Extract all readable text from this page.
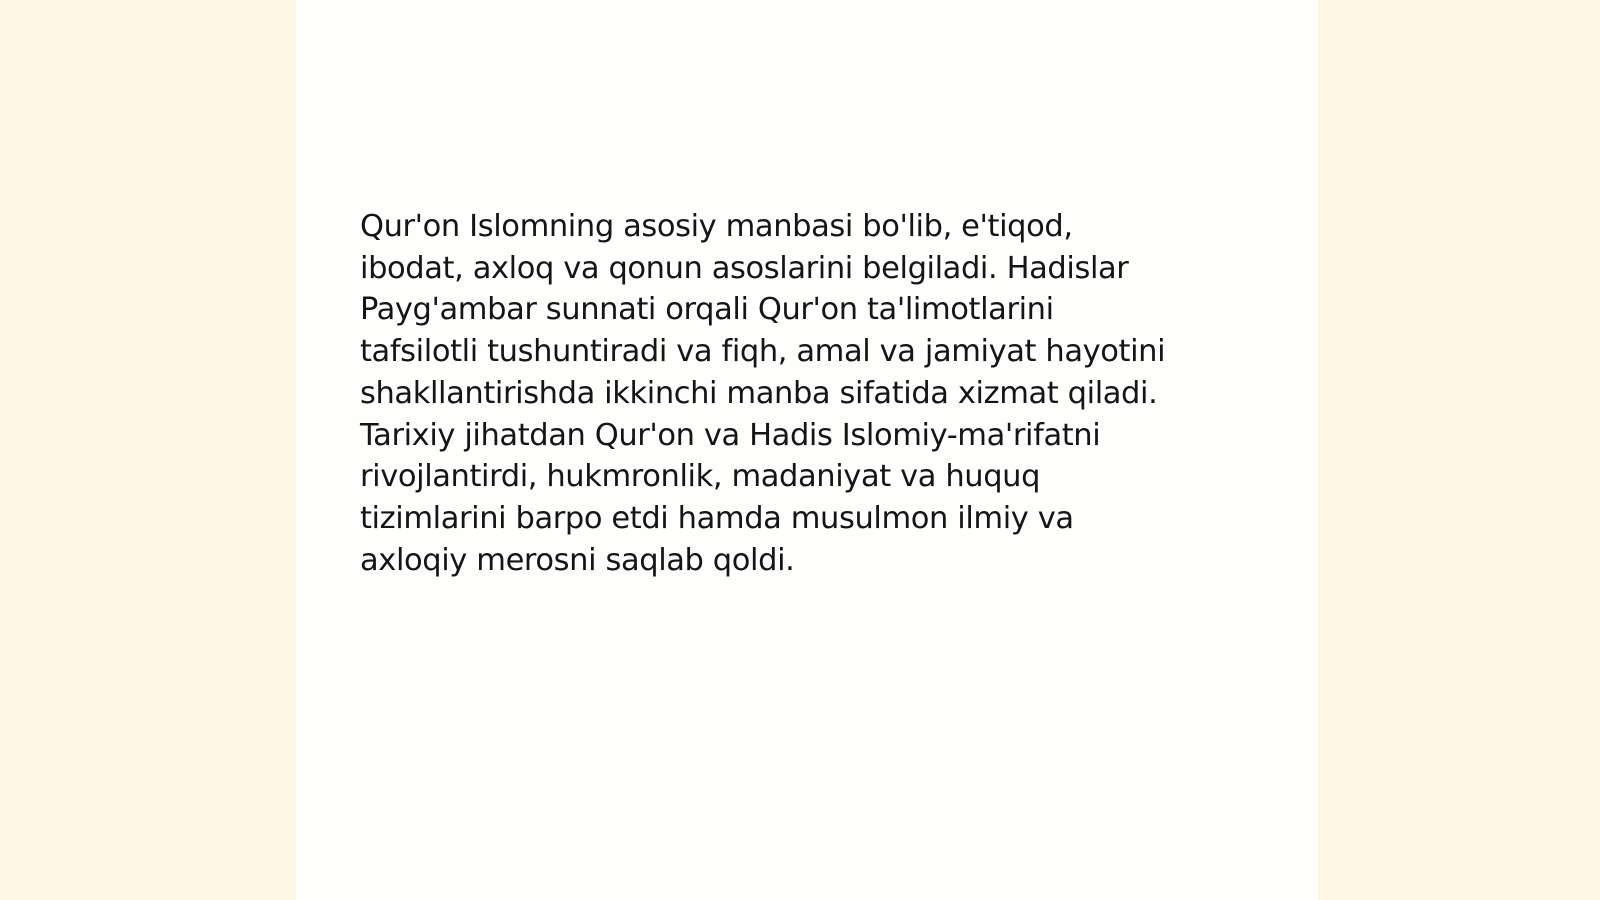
Qur'on Islomning asosiy manbasi bo'lib, e'tiqod,
ibodat, axloq va qonun asoslarini belgiladi. Hadislar
Payg'ambar sunnati orqali Qur'on ta'limotlarini
tafsilotli tushuntiradi va fiqh, amal va jamiyat hayotini
shakllantirishda ikkinchi manba sifatida xizmat qiladi.
Tarixiy jihatdan Qur'on va Hadis Islomiy-ma'rifatni
rivojlantirdi, hukmronlik, madaniyat va huquq
tizimlarini barpo etdi hamda musulmon ilmiy va
axloqiy merosni saqlab qoldi.
